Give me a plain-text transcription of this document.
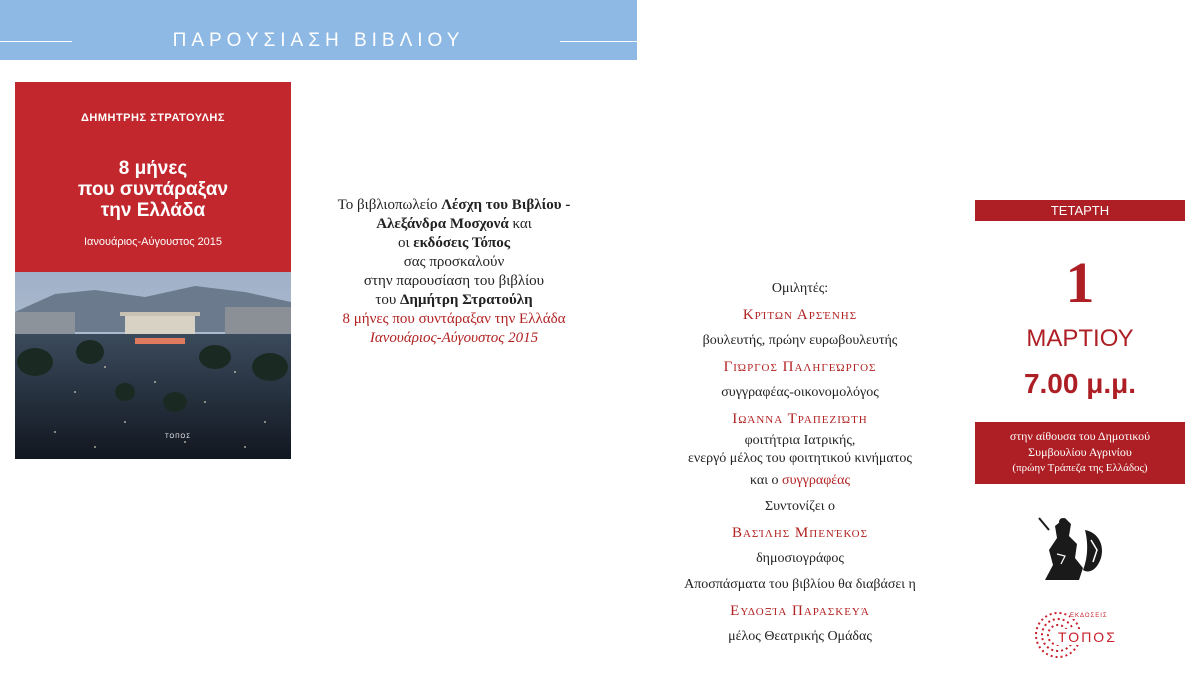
ΠΑΡΟΥΣΙΑΣΗ ΒΙΒΛΙΟΥ
ΔΗΜΗΤΡΗΣ ΣΤΡΑΤΟΥΛΗΣ
8 μήνες
που συντάραξαν
την Ελλάδα
Ιανουάριος-Αύγουστος 2015
ΤΟΠΟΣ
Το βιβλιοπωλείο Λέσχη του Βιβλίου -
Αλεξάνδρα Μοσχονά και
οι εκδόσεις Τόπος
σας προσκαλούν
στην παρουσίαση του βιβλίου
του Δημήτρη Στρατούλη
8 μήνες που συντάραξαν την Ελλάδα
Ιανουάριος-Αύγουστος 2015
Ομιλητές:
Κρίτων Αρσένης
βουλευτής, πρώην ευρωβουλευτής
Γιώργος Παληγεώργος
συγγραφέας-οικονομολόγος
Ιωάννα Τραπεζιώτη
φοιτήτρια Ιατρικής,
ενεργό μέλος του φοιτητικού κινήματος
και ο συγγραφέας
Συντονίζει ο
Βασίλης Μπενέκος
δημοσιογράφος
Αποσπάσματα του βιβλίου θα διαβάσει η
Ευδοξία Παρασκευά
μέλος Θεατρικής Ομάδας
ΤΕΤΑΡΤΗ
1
ΜΑΡΤΙΟΥ
7.00 μ.μ.
στην αίθουσα του Δημοτικού
Συμβουλίου Αγρινίου
(πρώην Τράπεζα της Ελλάδος)
ΕΚΔΟΣΕΙΣ
ΤΟΠΟΣ
